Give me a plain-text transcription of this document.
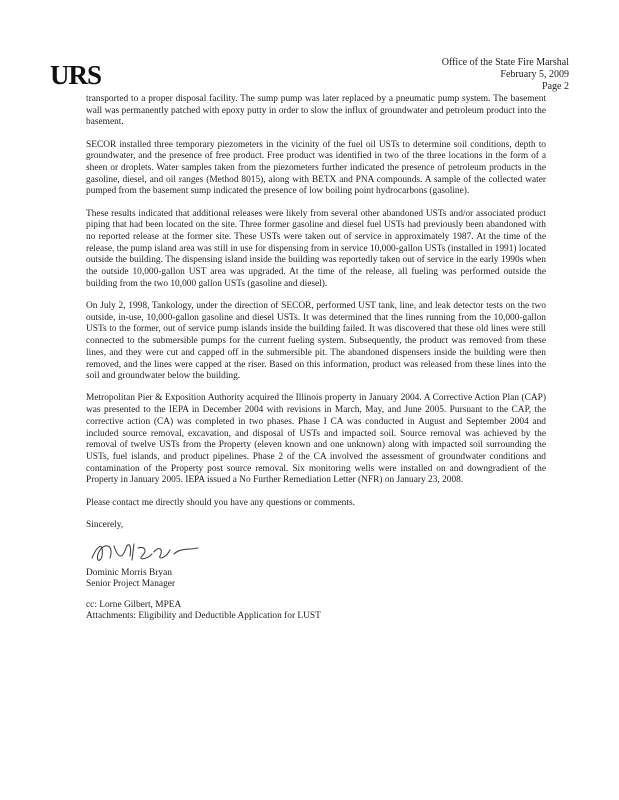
URS	Office of the State Fire Marshal
February 5, 2009
Page 2

transported to a proper disposal facility. The sump pump was later replaced by a pneumatic pump system. The basement wall was permanently patched with epoxy putty in order to slow the influx of groundwater and petroleum product into the basement.

SECOR installed three temporary piezometers in the vicinity of the fuel oil USTs to determine soil conditions, depth to groundwater, and the presence of free product. Free product was identified in two of the three locations in the form of a sheen or droplets. Water samples taken from the piezometers further indicated the presence of petroleum products in the gasoline, diesel, and oil ranges (Method 8015), along with BETX and PNA compounds. A sample of the collected water pumped from the basement sump indicated the presence of low boiling point hydrocarbons (gasoline).

These results indicated that additional releases were likely from several other abandoned USTs and/or associated product piping that had been located on the site. Three former gasoline and diesel fuel USTs had previously been abandoned with no reported release at the former site. These USTs were taken out of service in approximately 1987. At the time of the release, the pump island area was still in use for dispensing from in service 10,000-gallon USTs (installed in 1991) located outside the building. The dispensing island inside the building was reportedly taken out of service in the early 1990s when the outside 10,000-gallon UST area was upgraded. At the time of the release, all fueling was performed outside the building from the two 10,000 gallon USTs (gasoline and diesel).

On July 2, 1998, Tankology, under the direction of SECOR, performed UST tank, line, and leak detector tests on the two outside, in-use, 10,000-gallon gasoline and diesel USTs. It was determined that the lines running from the 10,000-gallon USTs to the former, out of service pump islands inside the building failed. It was discovered that these old lines were still connected to the submersible pumps for the current fueling system. Subsequently, the product was removed from these lines, and they were cut and capped off in the submersible pit. The abandoned dispensers inside the building were then removed, and the lines were capped at the riser. Based on this information, product was released from these lines into the soil and groundwater below the building.

Metropolitan Pier & Exposition Authority acquired the Illinois property in January 2004. A Corrective Action Plan (CAP) was presented to the IEPA in December 2004 with revisions in March, May, and June 2005. Pursuant to the CAP, the corrective action (CA) was completed in two phases. Phase I CA was conducted in August and September 2004 and included source removal, excavation, and disposal of USTs and impacted soil. Source removal was achieved by the removal of twelve USTs from the Property (eleven known and one unknown) along with impacted soil surrounding the USTs, fuel islands, and product pipelines. Phase 2 of the CA involved the assessment of groundwater conditions and contamination of the Property post source removal. Six monitoring wells were installed on and downgradient of the Property in January 2005. IEPA issued a No Further Remediation Letter (NFR) on January 23, 2008.

Please contact me directly should you have any questions or comments.

Sincerely,
Dominic Morris Bryan
Senior Project Manager
cc: Lorne Gilbert, MPEA
Attachments: Eligibility and Deductible Application for LUST
